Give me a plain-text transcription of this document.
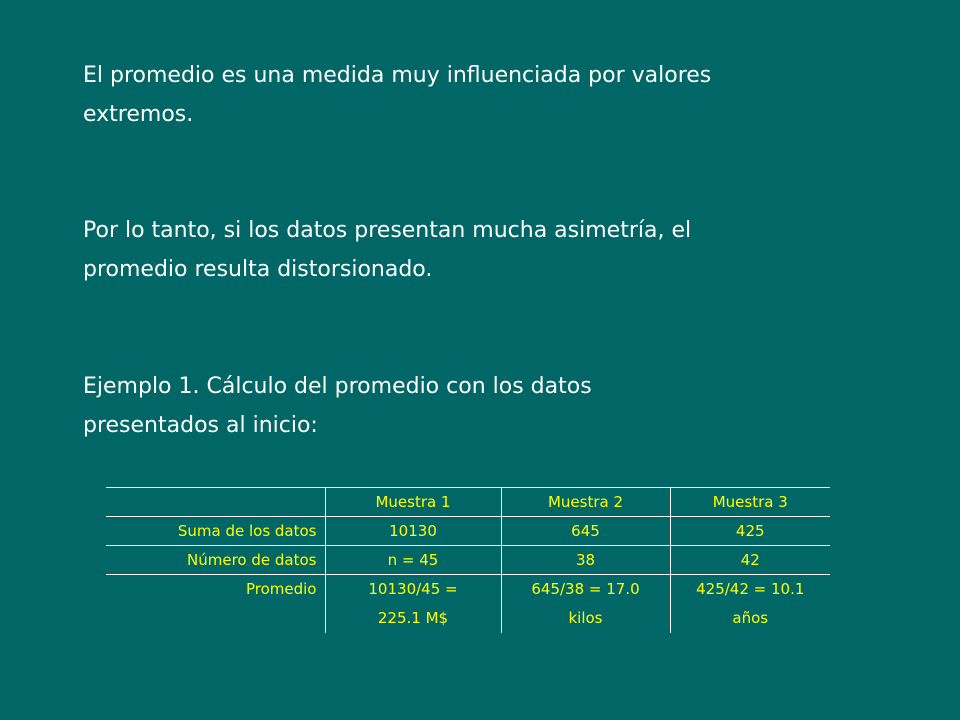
El promedio es una medida muy influenciada por valores
extremos.

Por lo tanto, si los datos presentan mucha asimetría, el
promedio resulta distorsionado.

Ejemplo 1. Cálculo del promedio con los datos
presentados al inicio:

	Muestra 1	Muestra 2	Muestra 3
Suma de los datos	10130	645	425
Número de datos	n = 45	38	42
Promedio	10130/45 =	645/38 = 17.0	425/42 = 10.1
	225.1 M$	kilos	años
